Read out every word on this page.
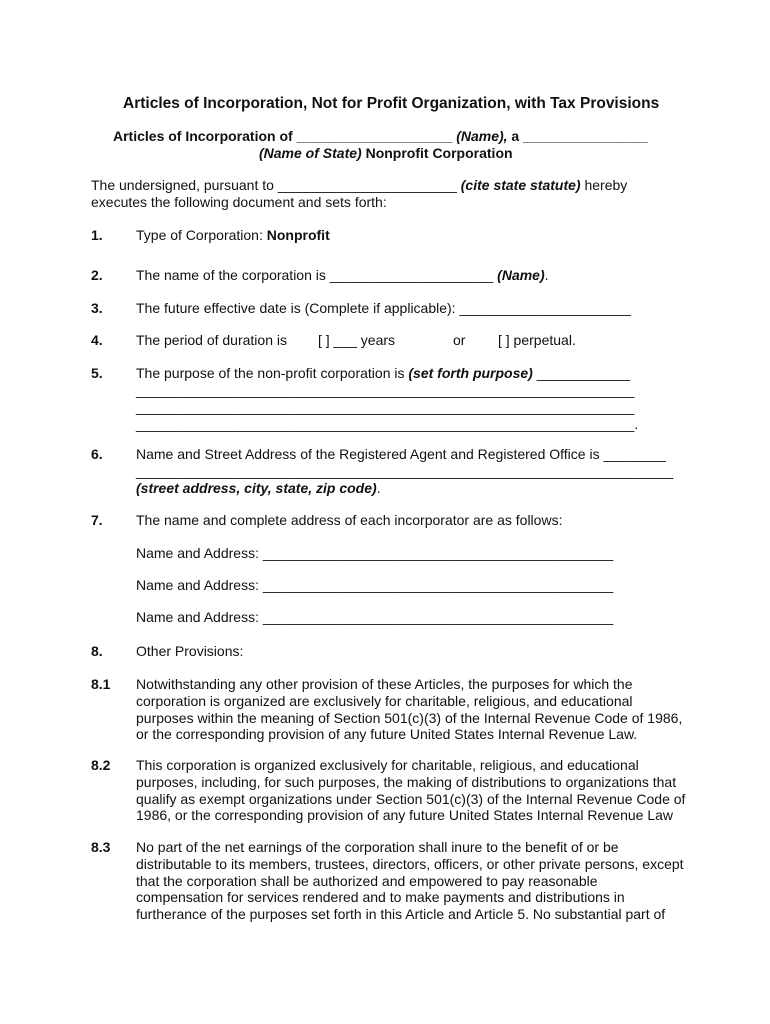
Articles of Incorporation, Not for Profit Organization, with Tax Provisions
Articles of Incorporation of ____________________ (Name), a ________________
(Name of State) Nonprofit Corporation
The undersigned, pursuant to _______________________ (cite state statute) hereby
executes the following document and sets forth:
1. Type of Corporation: Nonprofit
2. The name of the corporation is _____________________ (Name).
3. The future effective date is (Complete if applicable): ______________________
4. The period of duration is [ ] ___ years	or [ ] perpetual.
5. The purpose of the non-profit corporation is (set forth purpose) ____________
________________________________________________________________
________________________________________________________________
________________________________________________________________.
6. Name and Street Address of the Registered Agent and Registered Office is ________
_____________________________________________________________________
(street address, city, state, zip code).
7. The name and complete address of each incorporator are as follows:
Name and Address: _____________________________________________
Name and Address: _____________________________________________
Name and Address: _____________________________________________
8. Other Provisions:
8.1 Notwithstanding any other provision of these Articles, the purposes for which the
corporation is organized are exclusively for charitable, religious, and educational
purposes within the meaning of Section 501(c)(3) of the Internal Revenue Code of 1986,
or the corresponding provision of any future United States Internal Revenue Law.
8.2 This corporation is organized exclusively for charitable, religious, and educational
purposes, including, for such purposes, the making of distributions to organizations that
qualify as exempt organizations under Section 501(c)(3) of the Internal Revenue Code of
1986, or the corresponding provision of any future United States Internal Revenue Law
8.3 No part of the net earnings of the corporation shall inure to the benefit of or be
distributable to its members, trustees, directors, officers, or other private persons, except
that the corporation shall be authorized and empowered to pay reasonable
compensation for services rendered and to make payments and distributions in
furtherance of the purposes set forth in this Article and Article 5. No substantial part of
